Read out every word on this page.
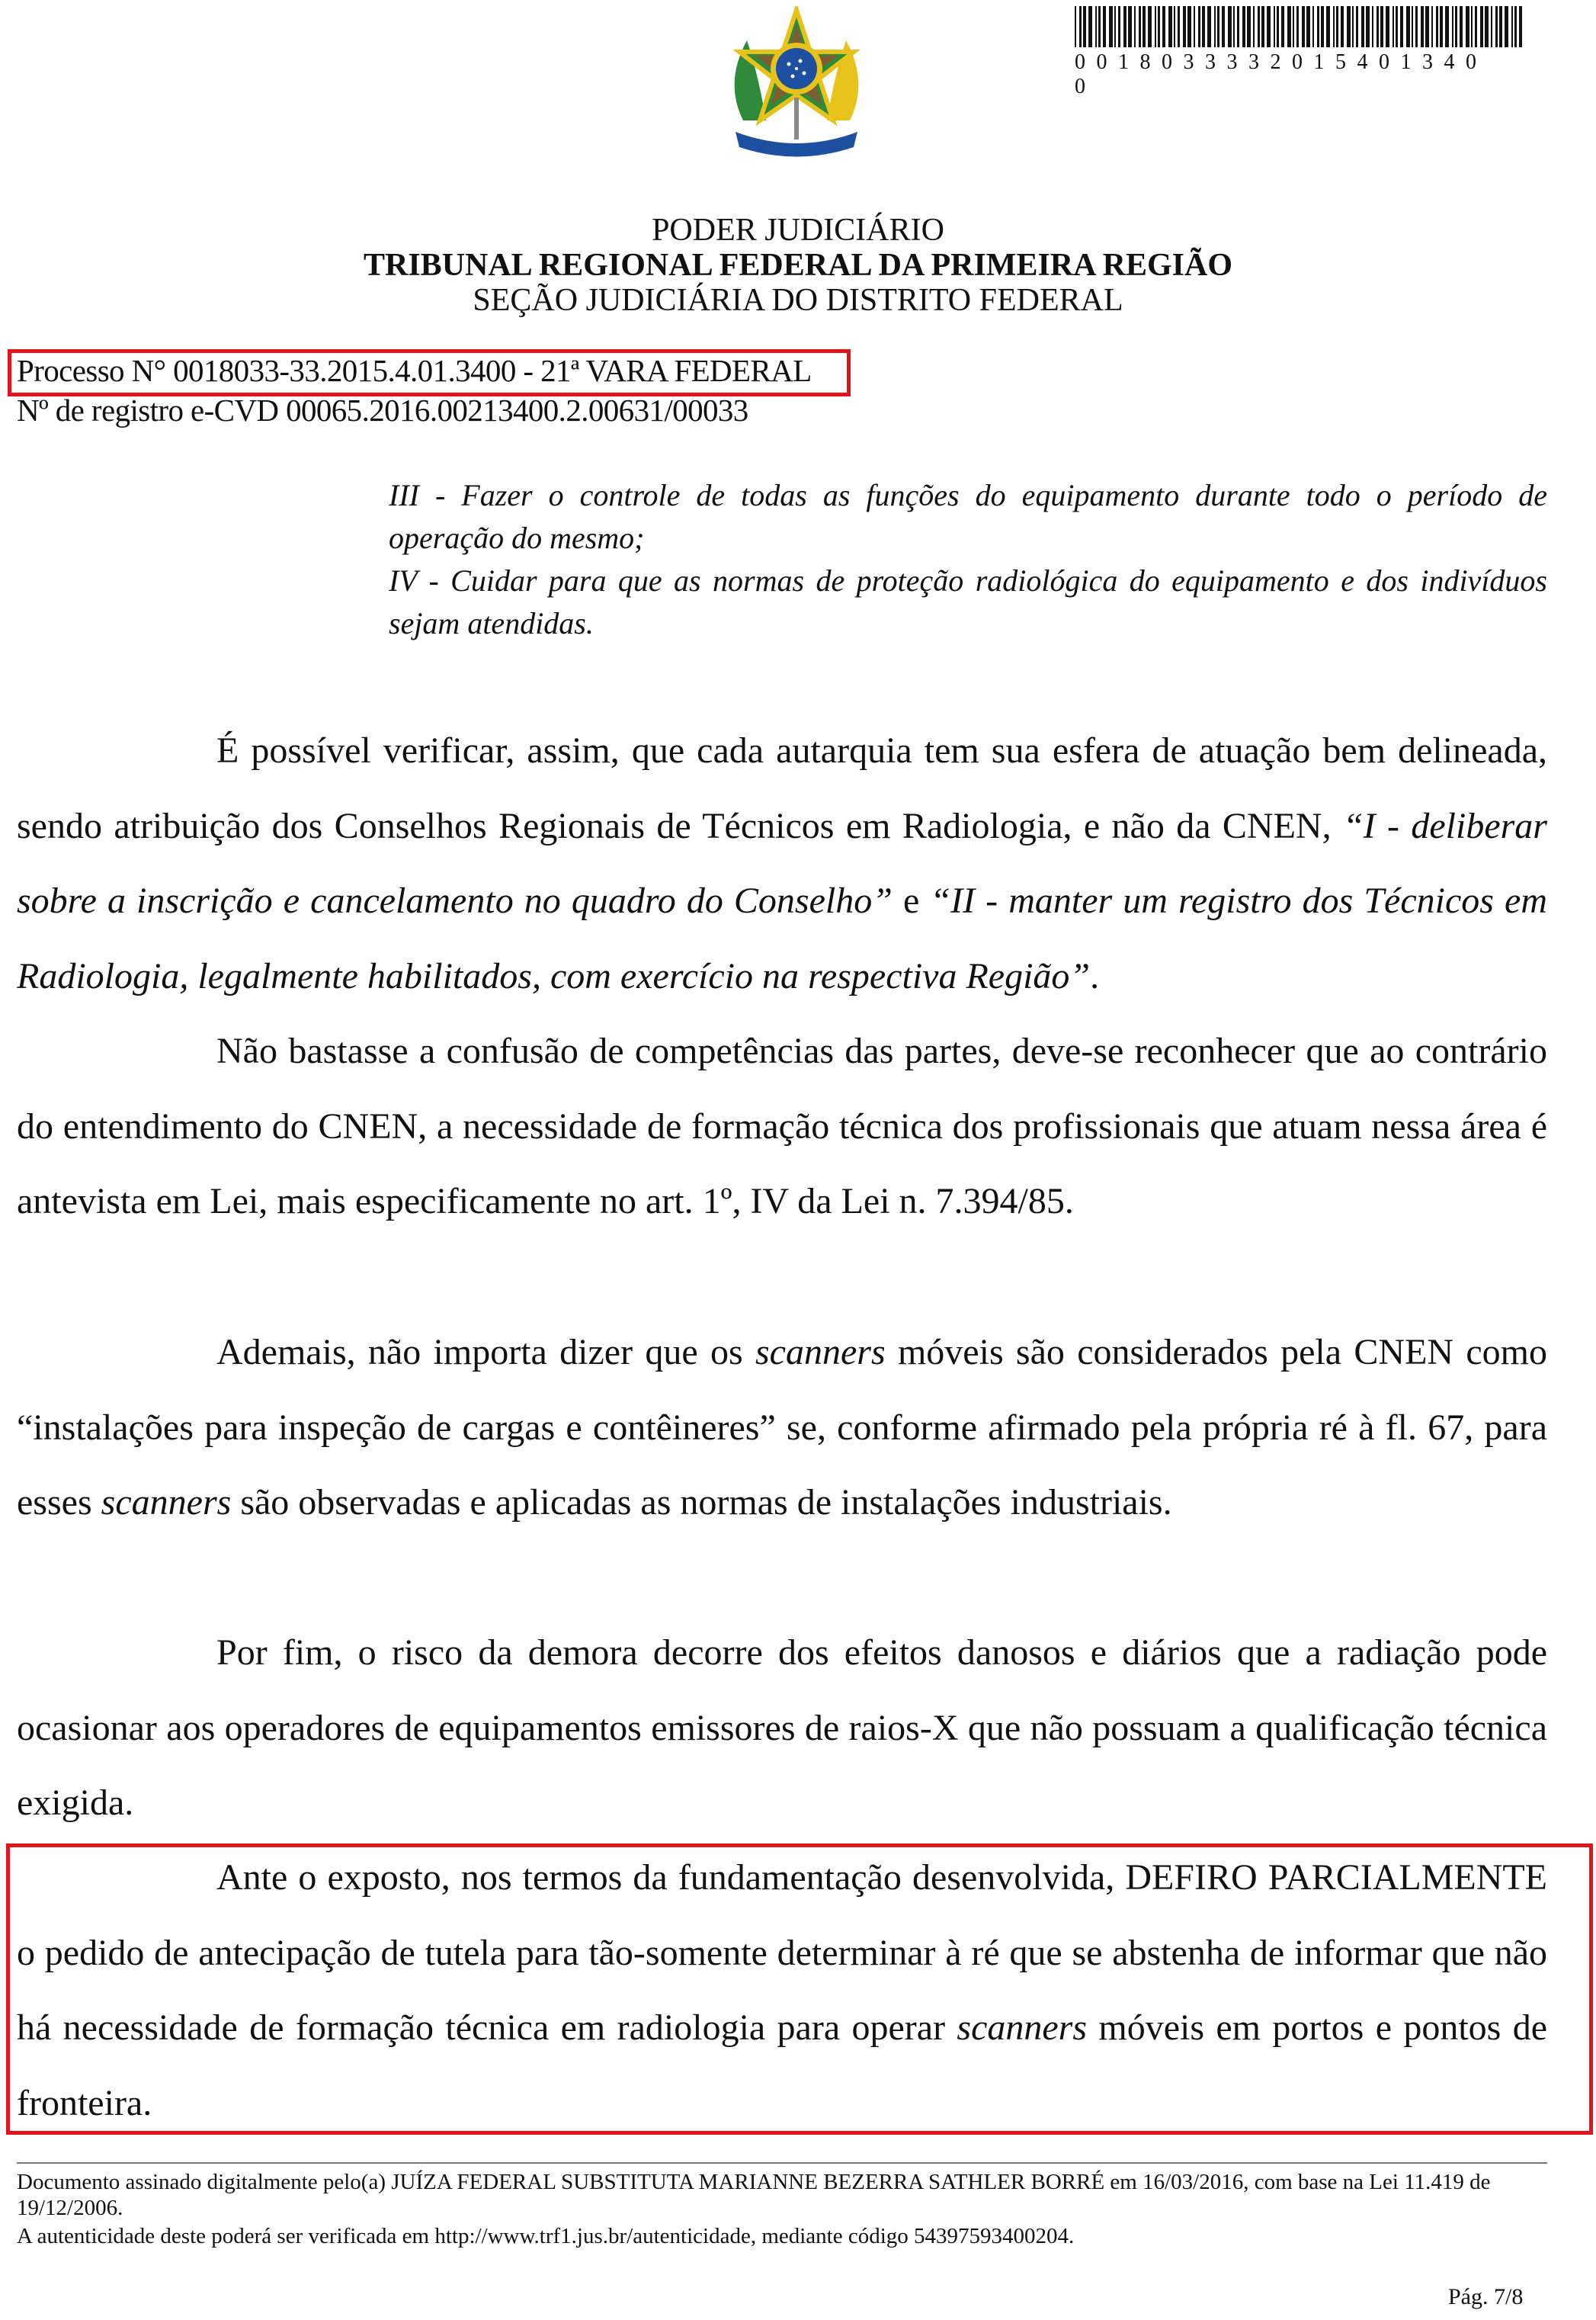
0018033332015401340 0
PODER JUDICIÁRIO
TRIBUNAL REGIONAL FEDERAL DA PRIMEIRA REGIÃO
SEÇÃO JUDICIÁRIA DO DISTRITO FEDERAL
Processo N° 0018033-33.2015.4.01.3400 - 21ª VARA FEDERAL
Nº de registro e-CVD 00065.2016.00213400.2.00631/00033
III - Fazer o controle de todas as funções do equipamento durante todo o período de
operação do mesmo;
IV - Cuidar para que as normas de proteção radiológica do equipamento e dos indivíduos
sejam atendidas.
É possível verificar, assim, que cada autarquia tem sua esfera de atuação bem delineada, sendo atribuição dos Conselhos Regionais de Técnicos em Radiologia, e não da CNEN, “I - deliberar sobre a inscrição e cancelamento no quadro do Conselho” e “II - manter um registro dos Técnicos em Radiologia, legalmente habilitados, com exercício na respectiva Região”.
Não bastasse a confusão de competências das partes, deve-se reconhecer que ao contrário do entendimento do CNEN, a necessidade de formação técnica dos profissionais que atuam nessa área é antevista em Lei, mais especificamente no art. 1º, IV da Lei n. 7.394/85.
Ademais, não importa dizer que os scanners móveis são considerados pela CNEN como “instalações para inspeção de cargas e contêineres” se, conforme afirmado pela própria ré à fl. 67, para esses scanners são observadas e aplicadas as normas de instalações industriais.
Por fim, o risco da demora decorre dos efeitos danosos e diários que a radiação pode ocasionar aos operadores de equipamentos emissores de raios-X que não possuam a qualificação técnica exigida.
Ante o exposto, nos termos da fundamentação desenvolvida, DEFIRO PARCIALMENTE o pedido de antecipação de tutela para tão-somente determinar à ré que se abstenha de informar que não há necessidade de formação técnica em radiologia para operar scanners móveis em portos e pontos de fronteira.
Documento assinado digitalmente pelo(a) JUÍZA FEDERAL SUBSTITUTA MARIANNE BEZERRA SATHLER BORRÉ em 16/03/2016, com base na Lei 11.419 de 19/12/2006.
A autenticidade deste poderá ser verificada em http://www.trf1.jus.br/autenticidade, mediante código 54397593400204.
Pág. 7/8
